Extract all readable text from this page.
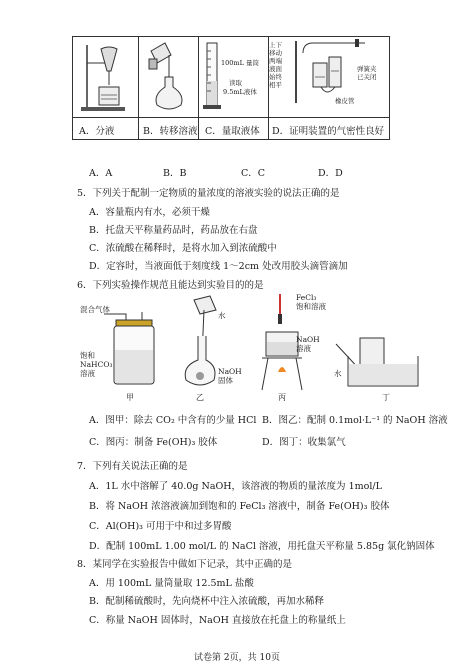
100mL 量筒
读取
9.5mL液体
上下
移动
两端
液面
始终
相平
弹簧夹
已关闭
橡皮管
A．分液	B．转移溶液 C．量取液体 D．证明装置的气密性良好
A．A	B．B	C．C	D．D
5．下列关于配制一定物质的量浓度的溶液实验的说法正确的是
A．容量瓶内有水，必须干燥
B．托盘天平称量药品时，药品放在右盘
C．浓硫酸在稀释时，是将水加入到浓硫酸中
D．定容时，当液面低于刻度线 1～2cm 处改用胶头滴管滴加
6．下列实验操作规范且能达到实验目的的是
混合气体
饱和
NaHCO₃
溶液
甲
水
NaOH
固体
乙
FeCl₃
饱和溶液
NaOH
溶液
丙
水
丁
A．图甲：除去 CO₂ 中含有的少量 HCl B．图乙：配制 0.1mol·L⁻¹ 的 NaOH 溶液
C．图丙：制备 Fe(OH)₃ 胶体	D．图丁：收集氯气
7．下列有关说法正确的是
A．1L 水中溶解了 40.0g NaOH，该溶液的物质的量浓度为 1mol/L
B．将 NaOH 浓溶液滴加到饱和的 FeCl₃ 溶液中，制备 Fe(OH)₃ 胶体
C．Al(OH)₃ 可用于中和过多胃酸
D．配制 100mL 1.00 mol/L 的 NaCl 溶液，用托盘天平称量 5.85g 氯化钠固体
8．某同学在实验报告中做如下记录，其中正确的是
A．用 100mL 量筒量取 12.5mL 盐酸
B．配制稀硫酸时，先向烧杯中注入浓硫酸，再加水稀释
C．称量 NaOH 固体时，NaOH 直接放在托盘上的称量纸上
试卷第 2页，共 10页
